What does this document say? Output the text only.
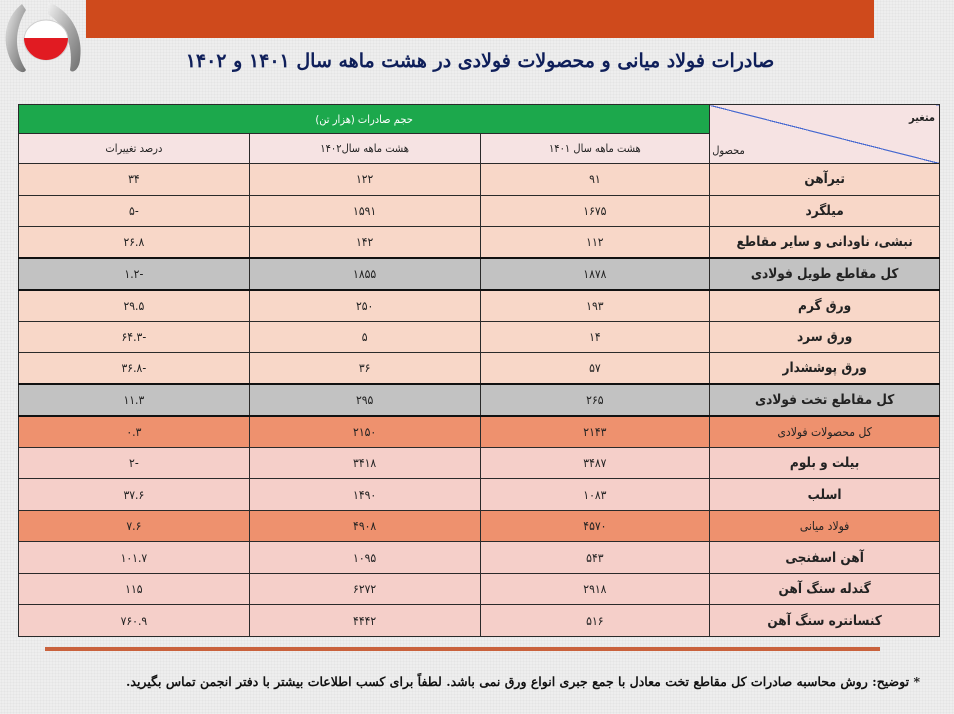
صادرات فولاد میانی و محصولات فولادی در هشت ماهه سال ۱۴۰۱ و ۱۴۰۲
متغیر
محصول	حجم صادرات (هزار تن)		
	هشت ماهه سال ۱۴۰۱	هشت ماهه سال۱۴۰۲	درصد تغییرات
تیرآهن	۹۱	۱۲۲	۳۴
میلگرد	۱۶۷۵	۱۵۹۱	-۵
نبشی، ناودانی و سایر مقاطع	۱۱۲	۱۴۲	۲۶.۸
کل مقاطع طویل فولادی	۱۸۷۸	۱۸۵۵	-۱.۲
ورق گرم	۱۹۳	۲۵۰	۲۹.۵
ورق سرد	۱۴	۵	-۶۴.۳
ورق پوششدار	۵۷	۳۶	-۳۶.۸
کل مقاطع تخت فولادی	۲۶۵	۲۹۵	۱۱.۳
کل محصولات فولادی	۲۱۴۳	۲۱۵۰	۰.۳
بیلت و بلوم	۳۴۸۷	۳۴۱۸	-۲
اسلب	۱۰۸۳	۱۴۹۰	۳۷.۶
فولاد میانی	۴۵۷۰	۴۹۰۸	۷.۶
آهن اسفنجی	۵۴۳	۱۰۹۵	۱۰۱.۷
گندله سنگ آهن	۲۹۱۸	۶۲۷۲	۱۱۵
کنسانتره سنگ آهن	۵۱۶	۴۴۴۲	۷۶۰.۹
* توضیح: روش محاسبه صادرات کل مقاطع تخت معادل با جمع جبری انواع ورق نمی باشد. لطفاً برای کسب اطلاعات بیشتر با دفتر انجمن تماس بگیرید.
